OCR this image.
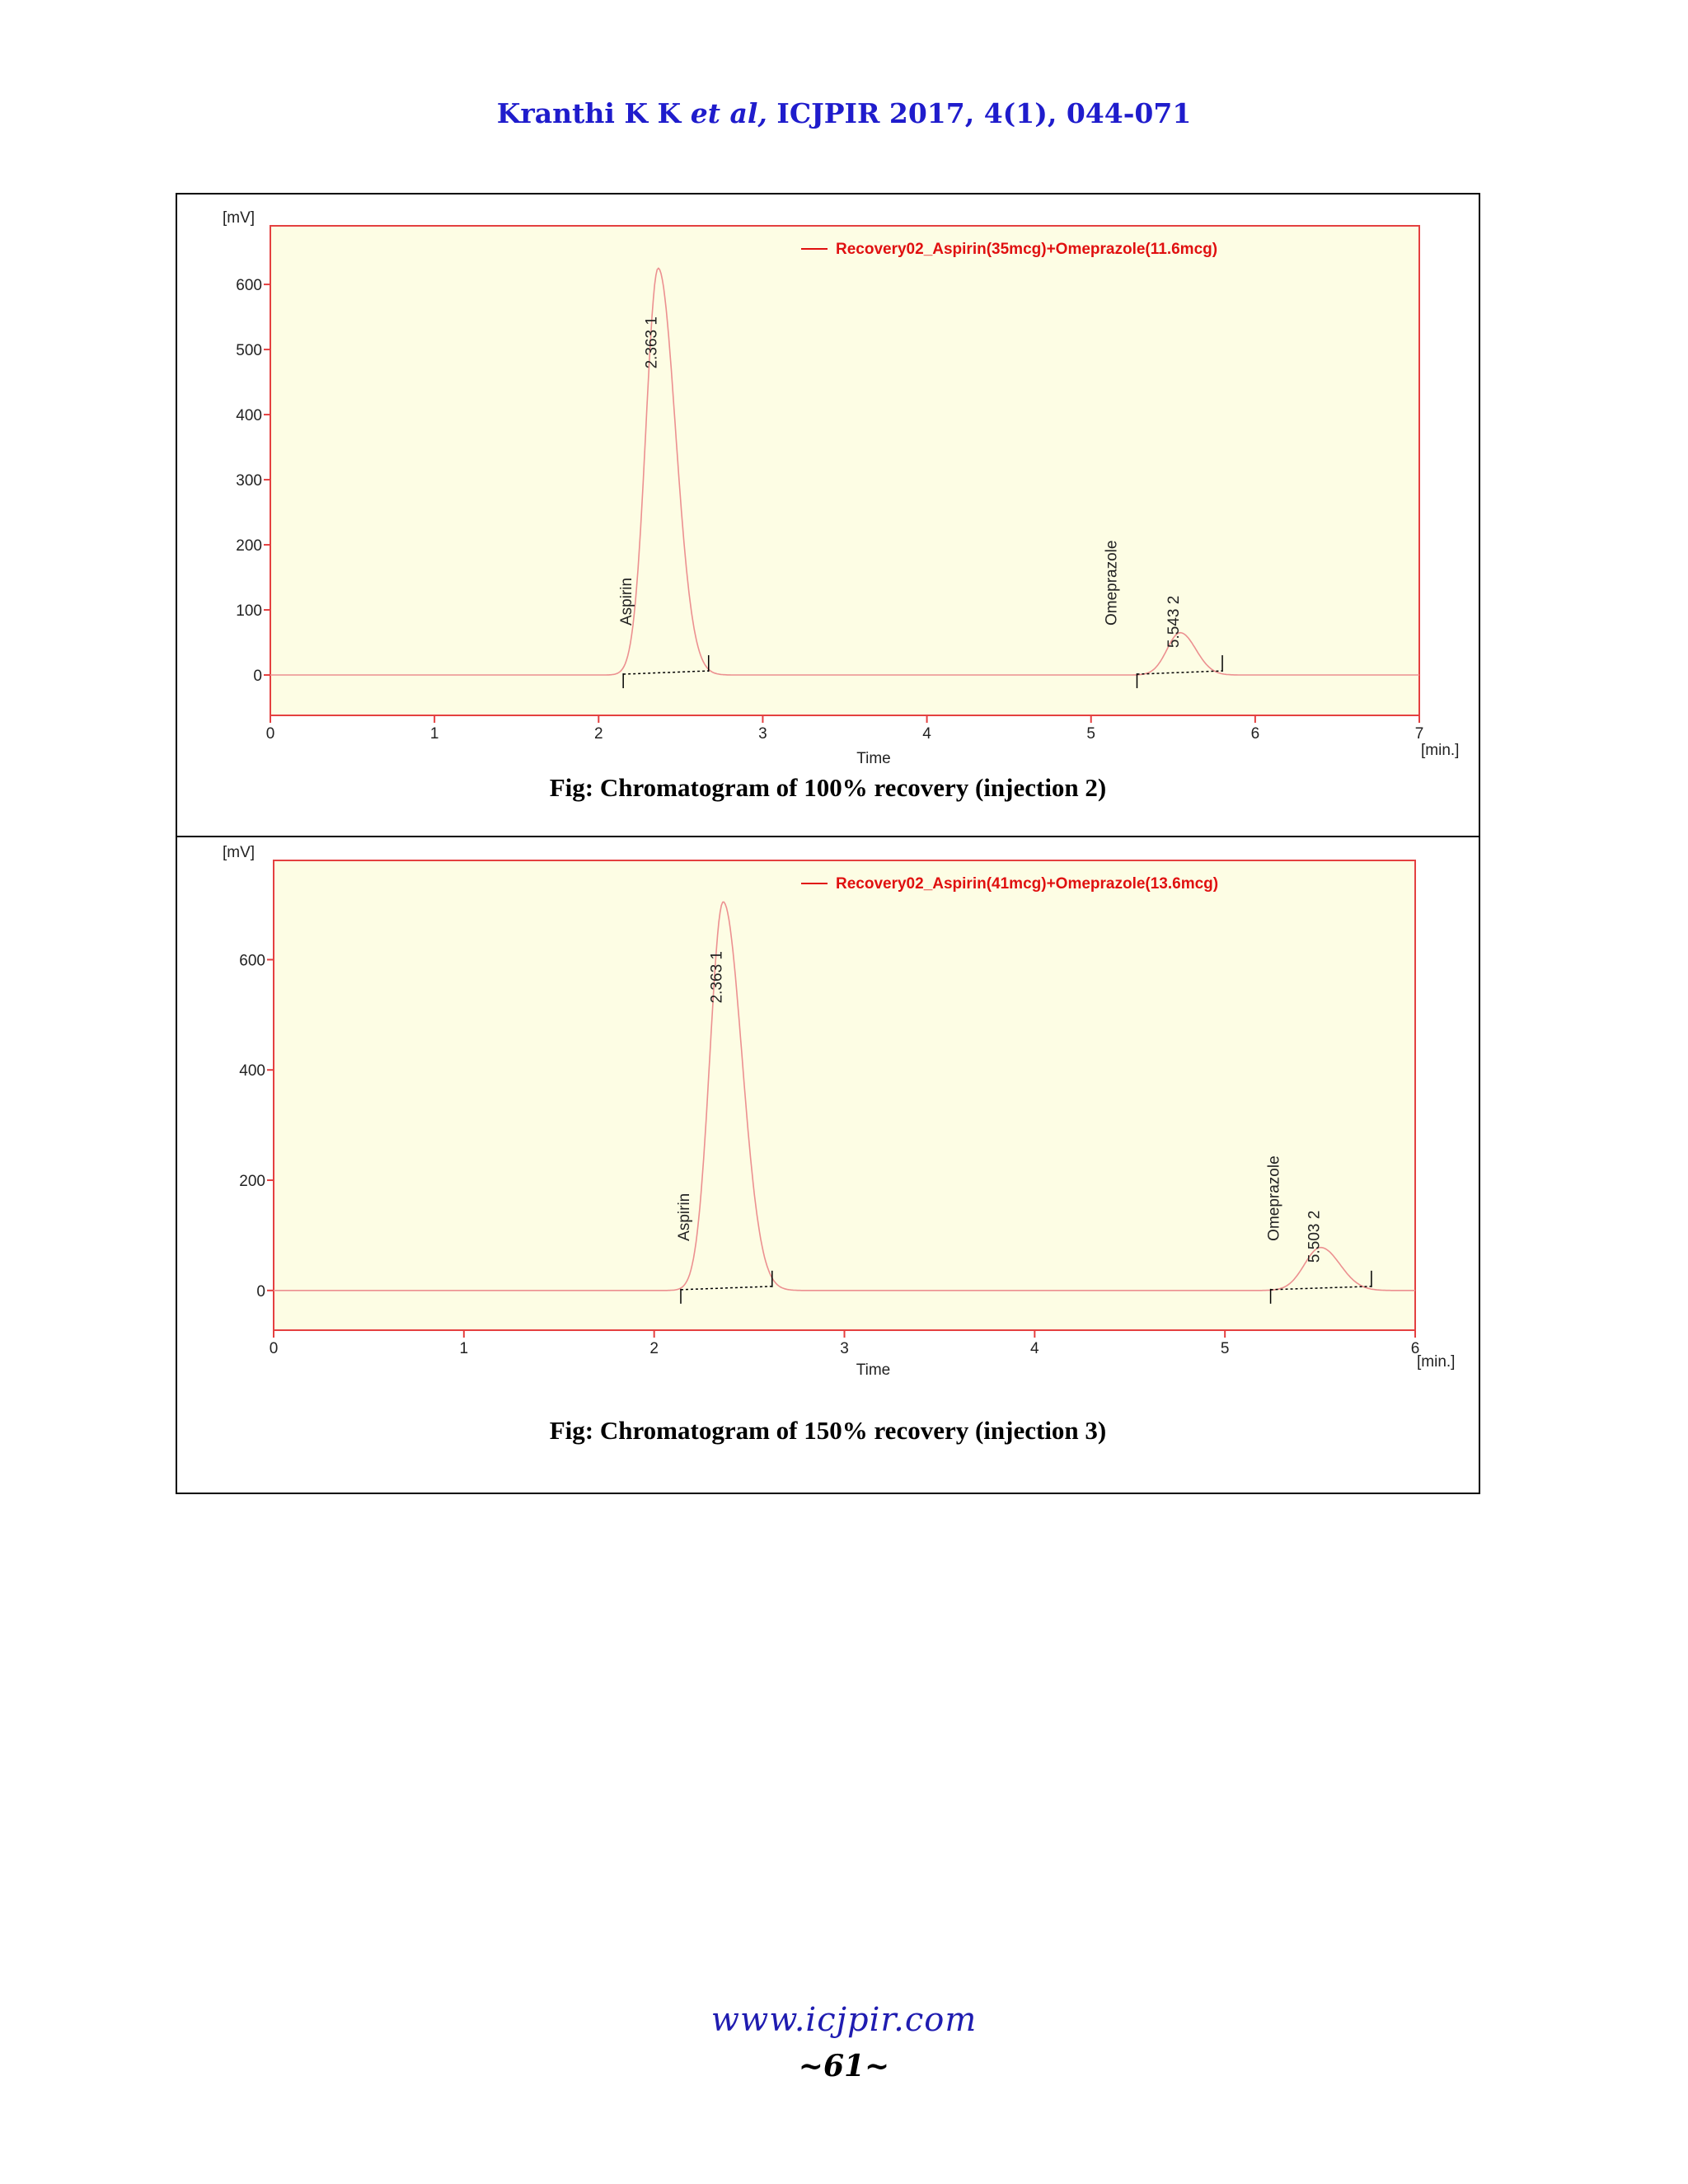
Kranthi K K et al, ICJPIR 2017, 4(1), 044-071
[mV]
0
100
200
300
400
500
600
0	1	2	3	4	5	6	7
Time	[min.]
Recovery02_Aspirin(35mcg)+Omeprazole(11.6mcg)
2.363 1
Aspirin	5.543 2
Omeprazole
Fig: Chromatogram of 100% recovery (injection 2)
[mV]
0
200
400
600
0	1	2	3	4	5	6
Time	[min.]
Recovery02_Aspirin(41mcg)+Omeprazole(13.6mcg)
2.363 1
Aspirin	5.503 2
Omeprazole
Fig: Chromatogram of 150% recovery (injection 3)
www.icjpir.com
~61~
